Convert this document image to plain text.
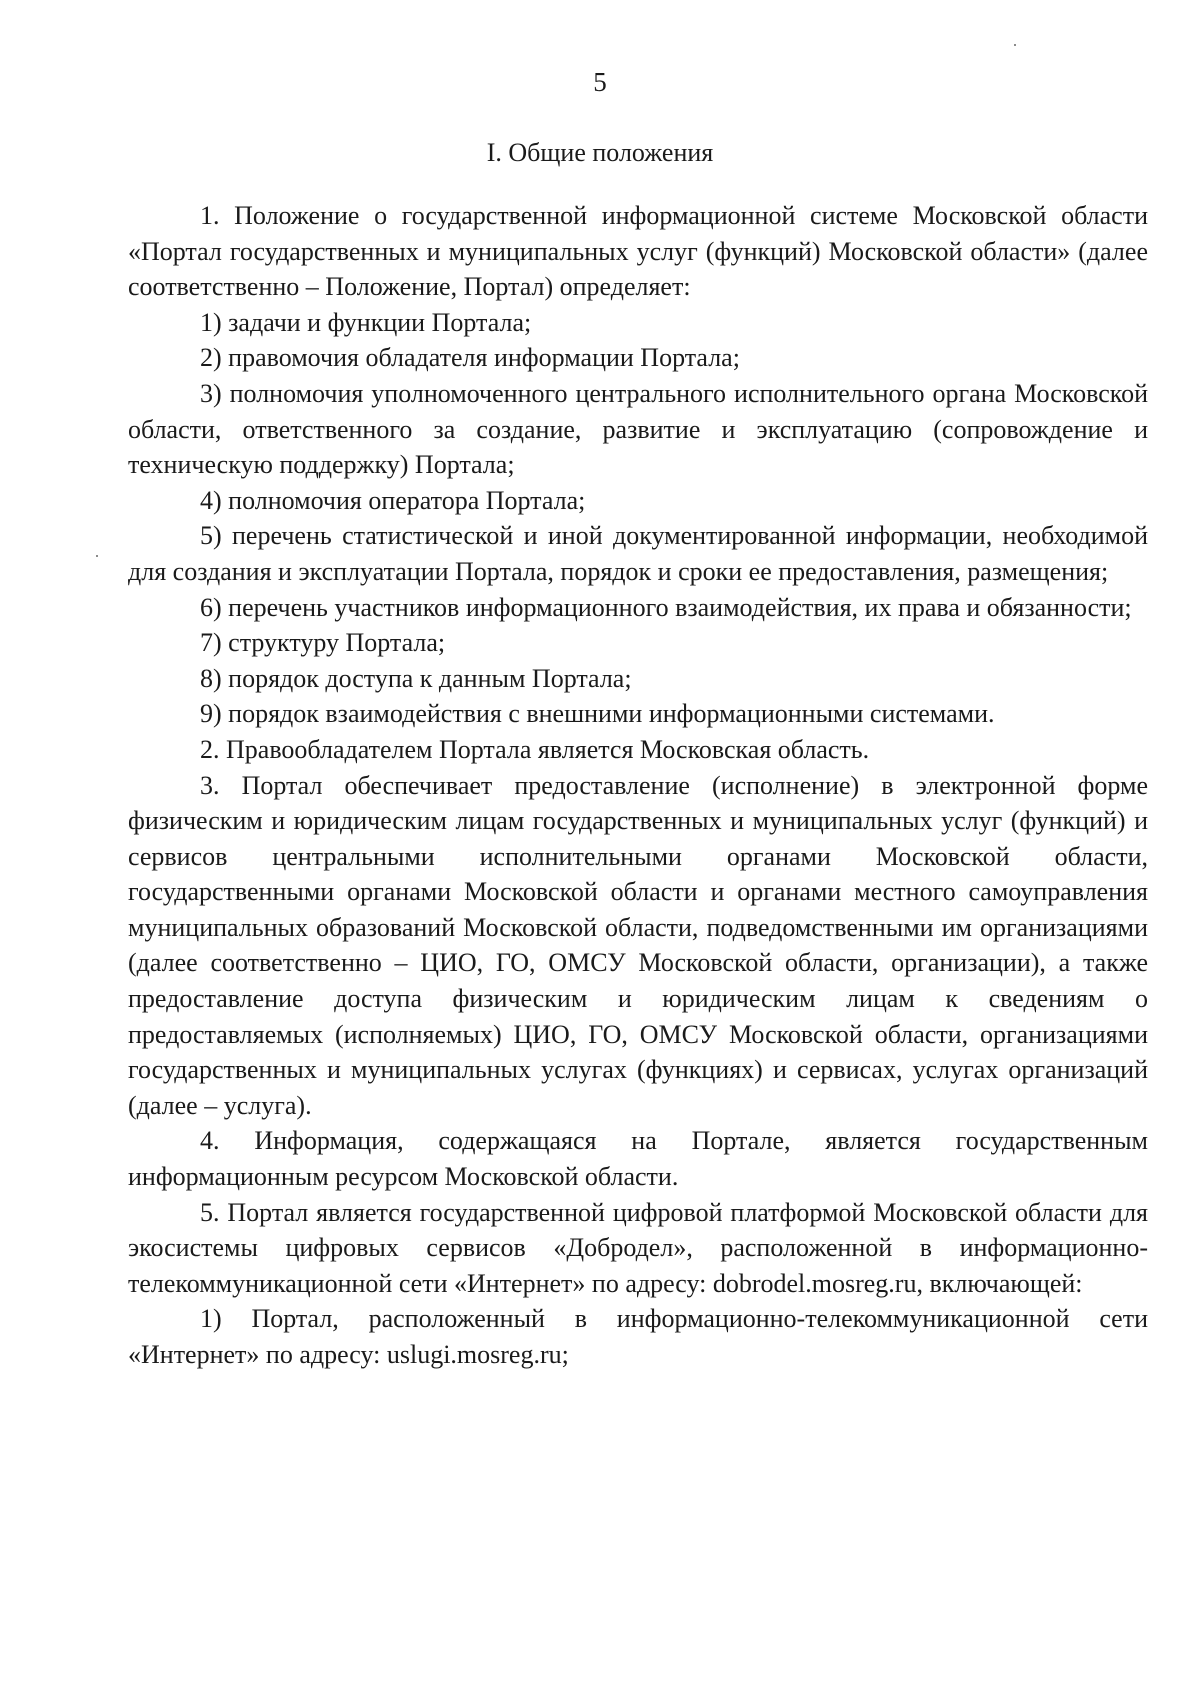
5
I. Общие положения

1. Положение о государственной информационной системе Московской области «Портал государственных и муниципальных услуг (функций) Московской области» (далее соответственно – Положение, Портал) определяет:

1) задачи и функции Портала;

2) правомочия обладателя информации Портала;

3) полномочия уполномоченного центрального исполнительного органа Московской области, ответственного за создание, развитие и эксплуатацию (сопровождение и техническую поддержку) Портала;

4) полномочия оператора Портала;

5) перечень статистической и иной документированной информации, необходимой для создания и эксплуатации Портала, порядок и сроки ее предоставления, размещения;

6) перечень участников информационного взаимодействия, их права и обязанности;

7) структуру Портала;

8) порядок доступа к данным Портала;

9) порядок взаимодействия с внешними информационными системами.

2. Правообладателем Портала является Московская область.

3. Портал обеспечивает предоставление (исполнение) в электронной форме физическим и юридическим лицам государственных и муниципальных услуг (функций) и сервисов центральными исполнительными органами Московской области, государственными органами Московской области и органами местного самоуправления муниципальных образований Московской области, подведомственными им организациями (далее соответственно – ЦИО, ГО, ОМСУ Московской области, организации), а также предоставление доступа физическим и юридическим лицам к сведениям о предоставляемых (исполняемых) ЦИО, ГО, ОМСУ Московской области, организациями государственных и муниципальных услугах (функциях) и сервисах, услугах организаций (далее – услуга).

4. Информация, содержащаяся на Портале, является государственным информационным ресурсом Московской области.

5. Портал является государственной цифровой платформой Московской области для экосистемы цифровых сервисов «Добродел», расположенной в информационно-телекоммуникационной сети «Интернет» по адресу: dobrodel.mosreg.ru, включающей:

1) Портал, расположенный в информационно-телекоммуникационной сети «Интернет» по адресу: uslugi.mosreg.ru;
